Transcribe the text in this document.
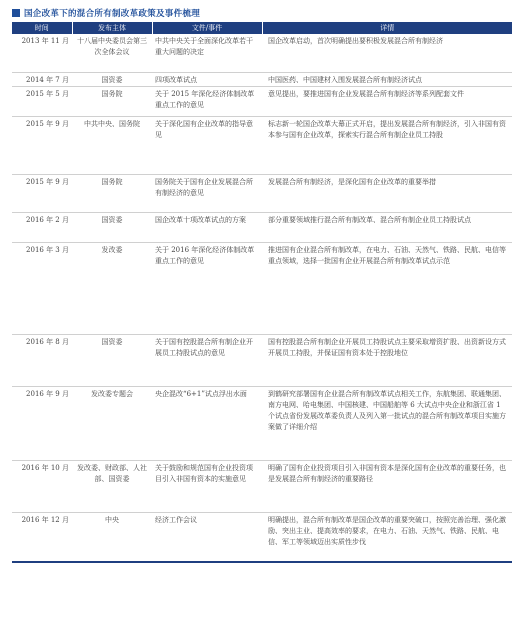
国企改革下的混合所有制改革政策及事件梳理
时间	发布主体	文件/事件	详情
2013 年 11 月	十八届中央委员会第三次全体会议	中共中央关于全面深化改革若干重大问题的决定	国企改革启动，首次明确提出要积极发展混合所有制经济
2014 年 7 月	国资委	四项改革试点	中国医药、中国建材入围发展混合所有制经济试点
2015 年 5 月	国务院	关于 2015 年深化经济体制改革重点工作的意见	意见提出，要推进国有企业发展混合所有制经济等系列配套文件
2015 年 9 月	中共中央、国务院	关于深化国有企业改革的指导意见	标志新一轮国企改革大幕正式开启，提出发展混合所有制经济，引入非国有资本参与国有企业改革，探索实行混合所有制企业员工持股
2015 年 9 月	国务院	国务院关于国有企业发展混合所有制经济的意见	发展混合所有制经济，是深化国有企业改革的重要举措
2016 年 2 月	国资委	国企改革十项改革试点的方案	部分重要领域推行混合所有制改革、混合所有制企业员工持股试点
2016 年 3 月	发改委	关于 2016 年深化经济体制改革重点工作的意见	推进国有企业混合所有制改革，在电力、石油、天然气、铁路、民航、电信等重点领域，选择一批国有企业开展混合所有制改革试点示范
2016 年 8 月	国资委	关于国有控股混合所有制企业开展员工持股试点的意见	国有控股混合所有制企业开展员工持股试点主要采取增资扩股、出资新设方式开展员工持股，并保证国有资本处于控股地位
2016 年 9 月	发改委专题会	央企混改“6+1”试点浮出水面	到鹤研究部署国有企业混合所有制改革试点相关工作，东航集团、联通集团、南方电网、哈电集团、中国核建、中国船舶等 6 大试点中央企业和浙江省 1 个试点省份发展改革委负责人及列入第一批试点的混合所有制改革项目实施方案做了详细介绍
2016 年 10 月	发改委、财政部、人社部、国资委	关于鼓励和规范国有企业投资项目引入非国有资本的实施意见	明确了国有企业投资项目引入非国有资本是深化国有企业改革的重要任务，也是发展混合所有制经济的重要路径
2016 年 12 月	中央	经济工作会议	明确提出，混合所有制改革是国企改革的重要突破口，按照完善治理、强化激励、突出主业、提高效率的要求，在电力、石油、天然气、铁路、民航、电信、军工等领域迈出实质性步伐
